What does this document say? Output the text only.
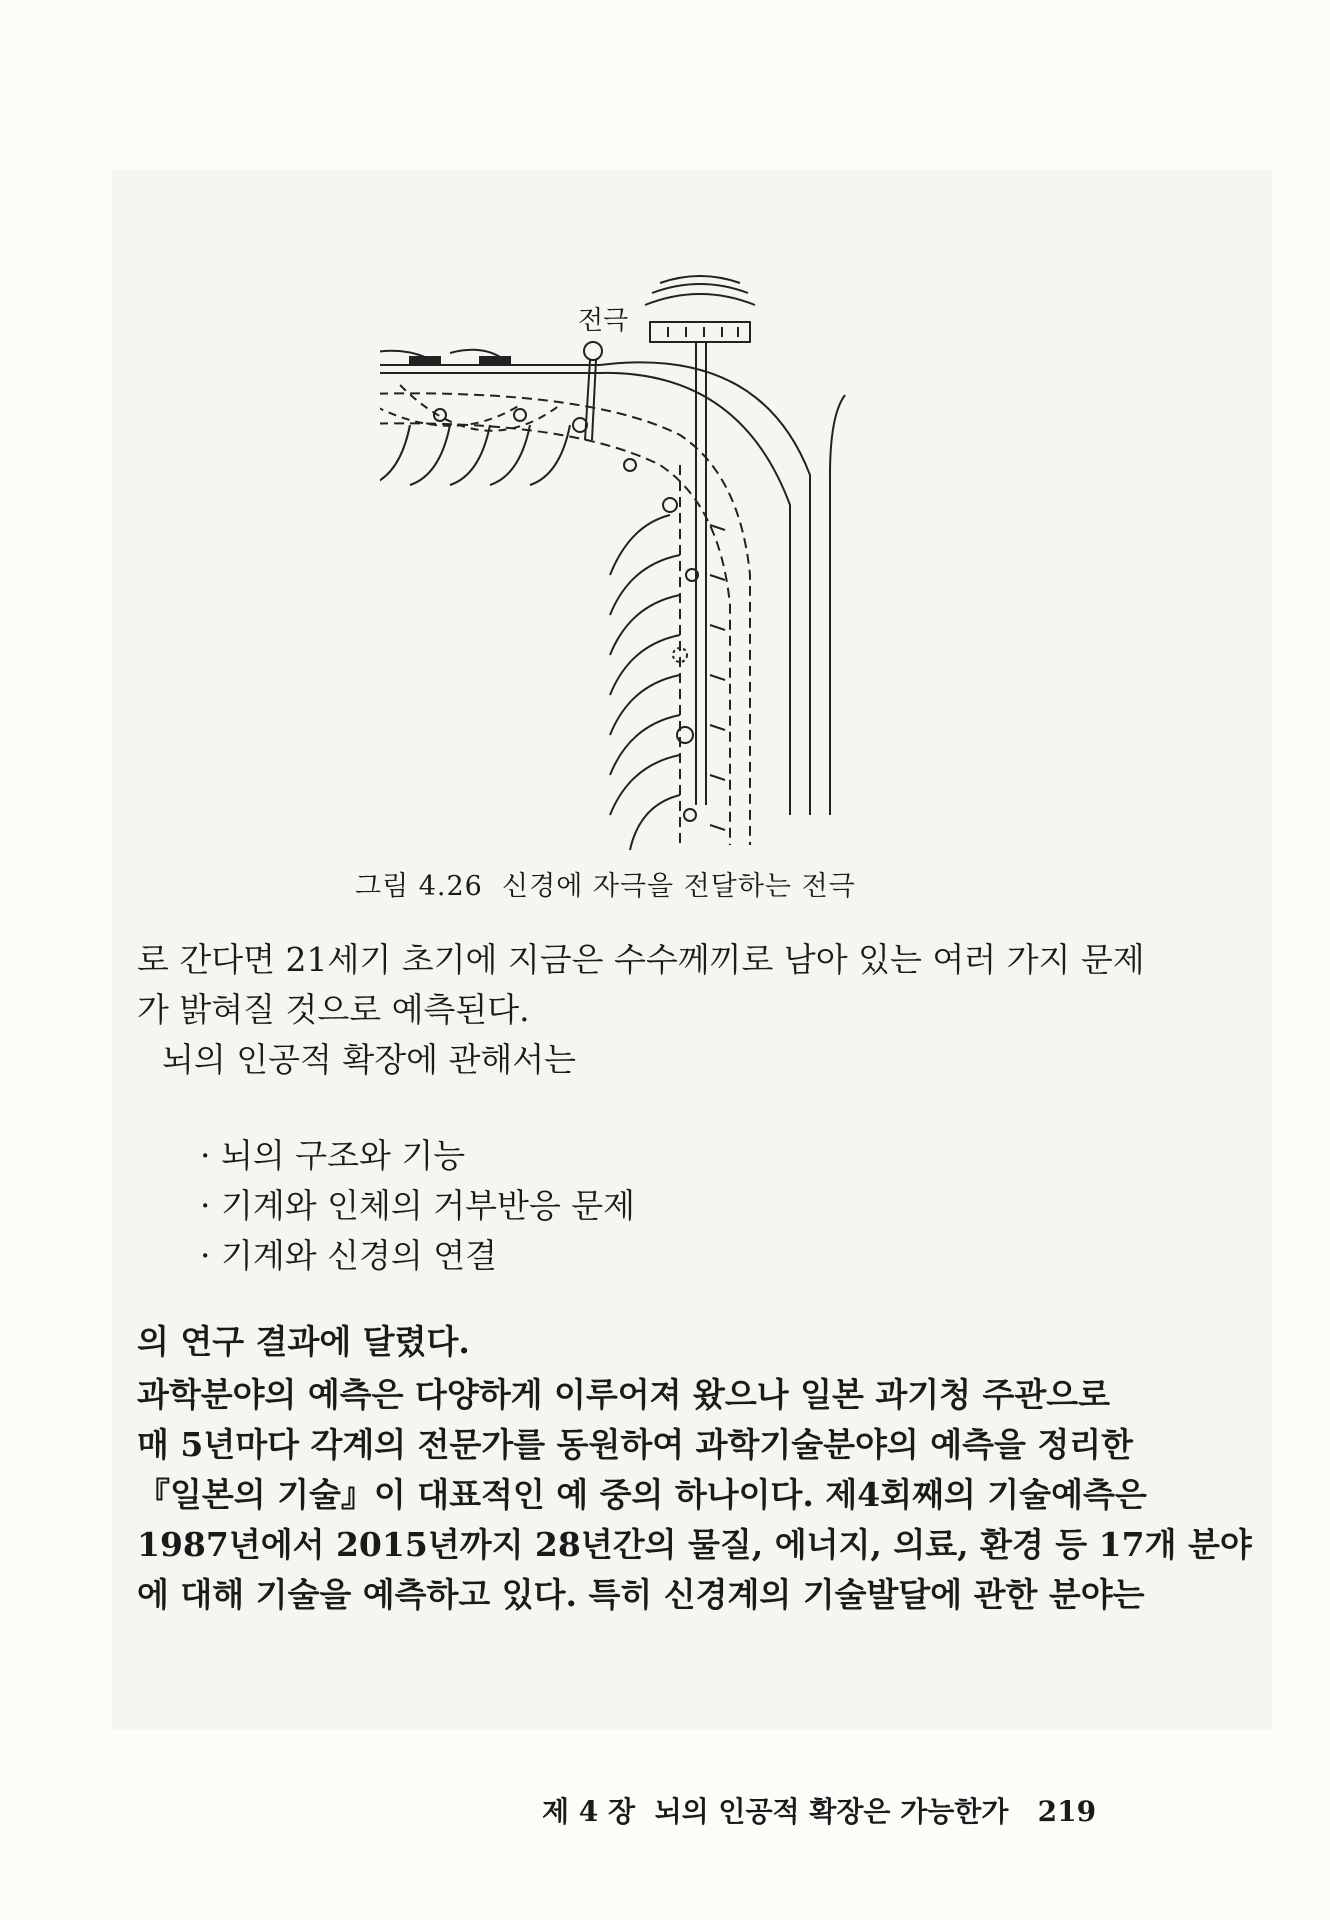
전극
그림 4.26  신경에 자극을 전달하는 전극
로 간다면 21세기 초기에 지금은 수수께끼로 남아 있는 여러 가지 문제
가 밝혀질 것으로 예측된다.
뇌의 인공적 확장에 관해서는
· 뇌의 구조와 기능
· 기계와 인체의 거부반응 문제
· 기계와 신경의 연결
의 연구 결과에 달렸다.
과학분야의 예측은 다양하게 이루어져 왔으나 일본 과기청 주관으로
매 5년마다 각계의 전문가를 동원하여 과학기술분야의 예측을 정리한
『일본의 기술』이 대표적인 예 중의 하나이다. 제4회째의 기술예측은
1987년에서 2015년까지 28년간의 물질, 에너지, 의료, 환경 등 17개 분야
에 대해 기술을 예측하고 있다. 특히 신경계의 기술발달에 관한 분야는
제 4 장  뇌의 인공적 확장은 가능한가   219
